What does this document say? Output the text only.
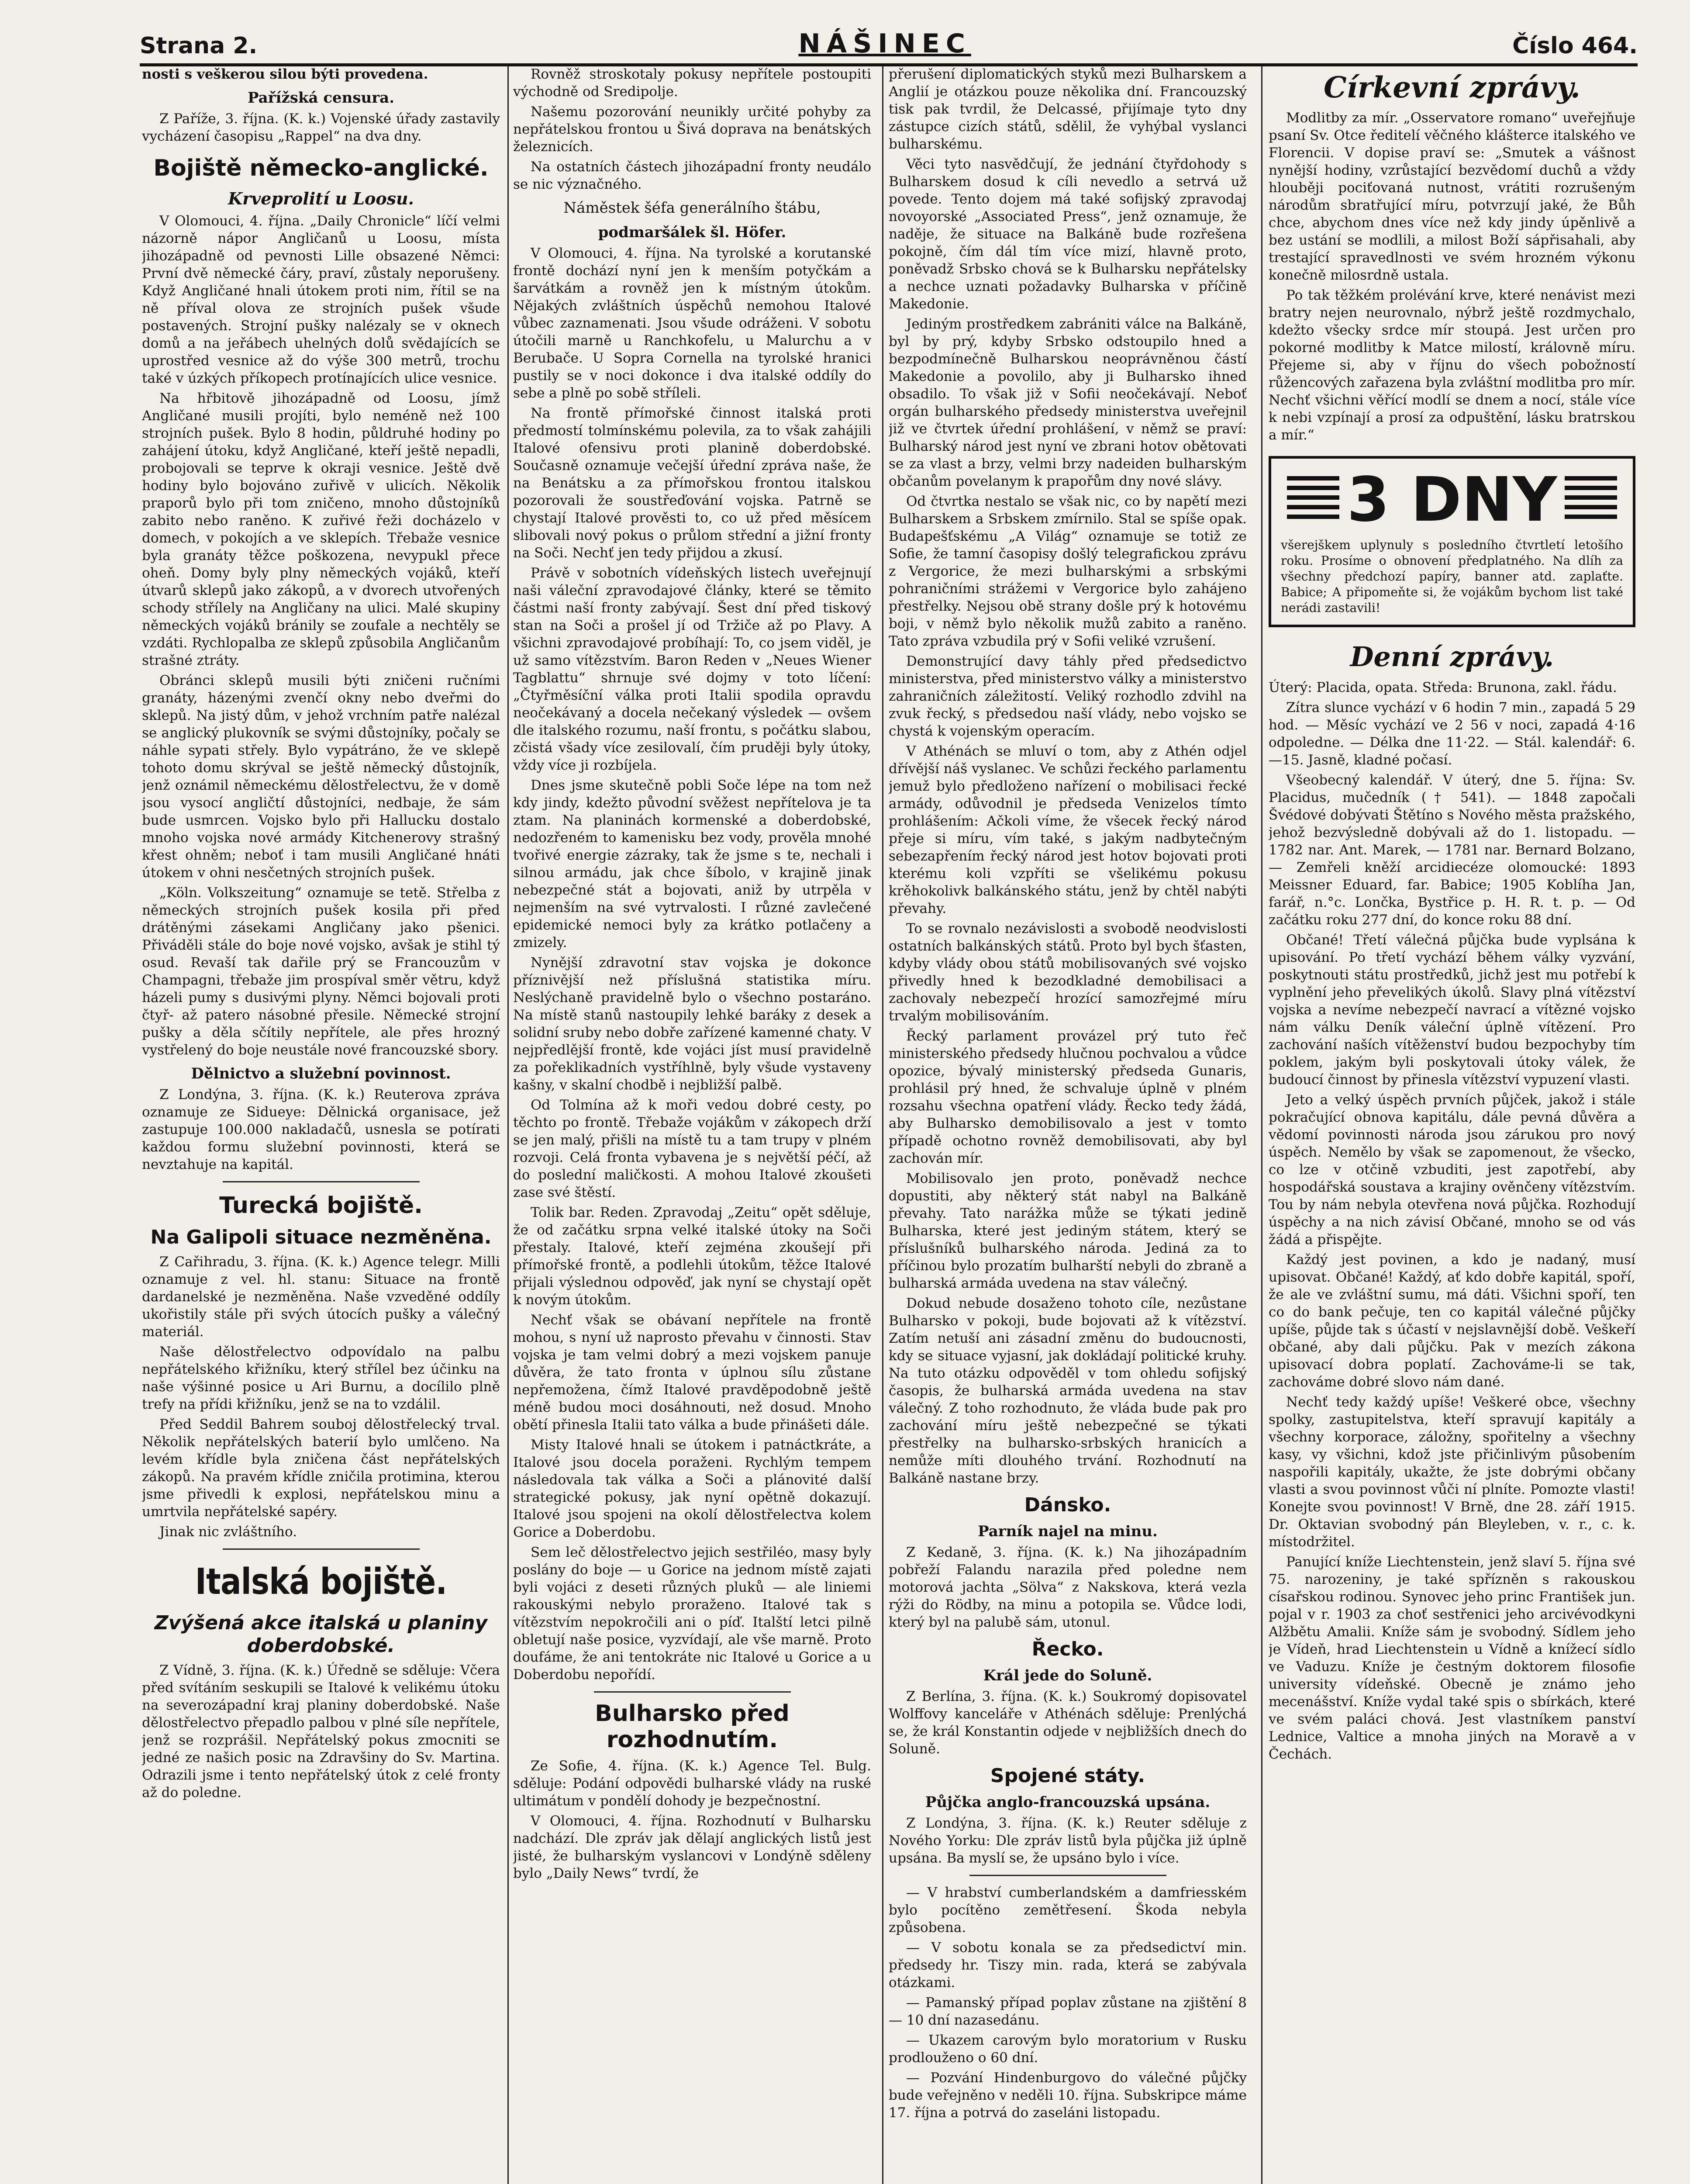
Strana 2.	NÁŠINEC	Číslo 464.

nosti s veškerou silou býti provedena.

Pařížská censura.

Z Paříže, 3. října. (K. k.) Vojenské úřady zastavily vycházení časopisu „Rappel“ na dva dny.

Bojiště německo-anglické.
Krveprolití u Loosu.

V Olomouci, 4. října. „Daily Chronicle“ líčí velmi názorně nápor Angličanů u Loosu, místa jihozápadně od pevnosti Lille obsazené Němci: První dvě německé čáry, praví, zůstaly neporušeny. Když Angličané hnali útokem proti nim, řítil se na ně příval olova ze strojních pušek všude postavených. Strojní pušky nalézaly se v oknech domů a na jeřábech uhelných dolů svědajících se uprostřed vesnice až do výše 300 metrů, trochu také v úzkých příkopech protínajících ulice vesnice.

Na hřbitově jihozápadně od Loosu, jímž Angličané musili projíti, bylo neméně než 100 strojních pušek. Bylo 8 hodin, půldruhé hodiny po zahájení útoku, když Angličané, kteří ještě nepadli, probojovali se teprve k okraji vesnice. Ještě dvě hodiny bylo bojováno zuřivě v ulicích. Několik praporů bylo při tom zničeno, mnoho důstojníků zabito nebo raněno. K zuřivé řeži docházelo v domech, v pokojích a ve sklepích. Třebaže vesnice byla granáty těžce poškozena, nevypukl přece oheň. Domy byly plny německých vojáků, kteří útvarů sklepů jako zákopů, a v dvorech utvořených schody střílely na Angličany na ulici. Malé skupiny německých vojáků bránily se zoufale a nechtěly se vzdáti. Rychlopalba ze sklepů způsobila Angličanům strašné ztráty.

Obránci sklepů musili býti zničeni ručními granáty, házenými zvenčí okny nebo dveřmi do sklepů. Na jistý dům, v jehož vrchním patře nalézal se anglický plukovník se svými důstojníky, počaly se náhle sypati střely. Bylo vypátráno, že ve sklepě tohoto domu skrýval se ještě německý důstojník, jenž oznámil německému dělostřelectvu, že v domě jsou vysocí angličtí důstojníci, nedbaje, že sám bude usmrcen. Vojsko bylo při Hallucku dostalo mnoho vojska nové armády Kitchenerovy strašný křest ohněm; neboť i tam musili Angličané hnáti útokem v ohni nesčetných strojních pušek.

„Köln. Volkszeitung“ oznamuje se tetě. Střelba z německých strojních pušek kosila při před drátěnými zásekami Angličany jako pšenici. Přiváděli stále do boje nové vojsko, avšak je stihl tý osud. Revaší tak dařile prý se Francouzům v Champagni, třebaže jim prospíval směr větru, když házeli pumy s dusivými plyny. Němci bojovali proti čtyř- až patero násobné přesile. Německé strojní pušky a děla sčítily nepřítele, ale přes hrozný vystřelený do boje neustále nové francouzské sbory.

Dělnictvo a služební povinnost.

Z Londýna, 3. října. (K. k.) Reuterova zpráva oznamuje ze Sidueye: Dělnická organisace, jež zastupuje 100.000 nakladačů, usnesla se potírati každou formu služební povinnosti, která se nevztahuje na kapitál.

Turecká bojiště.
Na Galipoli situace nezměněna.

Z Cařihradu, 3. října. (K. k.) Agence telegr. Milli oznamuje z vel. hl. stanu: Situace na frontě dardanelské je nezměněna. Naše vzveděné oddíly ukořistily stále při svých útocích pušky a válečný materiál.

Naše dělostřelectvo odpovídalo na palbu nepřátelského křižníku, který střílel bez účinku na naše výšinné posice u Ari Burnu, a docílilo plně trefy na přídi křižníku, jenž se na to vzdálil.

Před Seddil Bahrem souboj dělostřelecký trval. Několik nepřátelských baterií bylo umlčeno. Na levém křídle byla zničena část nepřátelských zákopů. Na pravém křídle zničila protimina, kterou jsme přivedli k explosi, nepřátelskou minu a umrtvila nepřátelské sapéry.

Jinak nic zvláštního.

Italská bojiště.
Zvýšená akce italská u planiny doberdobské.

Z Vídně, 3. října. (K. k.) Úředně se sděluje: Včera před svítáním seskupili se Italové k velikému útoku na severozápadní kraj planiny doberdobské. Naše dělostřelectvo přepadlo palbou v plné síle nepřítele, jenž se rozprášil. Nepřátelský pokus zmocniti se jedné ze našich posic na Zdravšiny do Sv. Martina. Odrazili jsme i tento nepřátelský útok z celé fronty až do poledne.

Rovněž stroskotaly pokusy nepřítele postoupiti východně od Sredipolje.

Našemu pozorování neunikly určité pohyby za nepřátelskou frontou u Šivá doprava na benátských železnicích.

Na ostatních částech jihozápadní fronty neudálo se nic význačného.

Náměstek šéfa generálního štábu,
podmaršálek šl. Höfer.

V Olomouci, 4. října. Na tyrolské a korutanské frontě dochází nyní jen k menším potyčkám a šarvátkám a rovněž jen k místným útokům. Nějakých zvláštních úspěchů nemohou Italové vůbec zaznamenati. Jsou všude odráženi. V sobotu útočili marně u Ranchkofelu, u Malurchu a v Berubače. U Sopra Cornella na tyrolské hranici pustily se v noci dokonce i dva italské oddíly do sebe a plně po sobě stříleli.

Na frontě přímořské činnost italská proti předmostí tolmínskému polevila, za to však zahájili Italové ofensivu proti planině doberdobské. Současně oznamuje večejší úřední zpráva naše, že na Benátsku a za přímořskou frontou italskou pozorovali že soustřeďování vojska. Patrně se chystají Italové prověsti to, co už před měsícem slibovali nový pokus o průlom střední a jižní fronty na Soči. Nechť jen tedy přijdou a zkusí.

Právě v sobotních vídeňských listech uveřejnují naši váleční zpravodajové články, které se těmito částmi naší fronty zabývají. Šest dní před tiskový stan na Soči a prošel jí od Tržiče až po Plavy. A všichni zpravodajové probíhají: To, co jsem viděl, je už samo vítězstvím. Baron Reden v „Neues Wiener Tagblattu“ shrnuje své dojmy v toto líčení: „Čtyřměsíční válka proti Italii spodila opravdu neočekávaný a docela nečekaný výsledek — ovšem dle italského rozumu, naší frontu, s počátku slabou, zčistá všady více zesilovalí, čím pruději byly útoky, vždy více ji rozbíjela.

Dnes jsme skutečně pobli Soče lépe na tom než kdy jindy, kdežto původní svěžest nepřítelova je ta ztam. Na planinách kormenské a doberdobské, nedozřeném to kamenisku bez vody, prověla mnohé tvořivé energie zázraky, tak že jsme s te, nechali i silnou armádu, jak chce šíbolo, v krajině jinak nebezpečné stát a bojovati, aniž by utrpěla v nejmenším na své vytrvalosti. I různé zavlečené epidemické nemoci byly za krátko potlačeny a zmizely.

Nynější zdravotní stav vojska je dokonce příznivější než příslušná statistika míru. Neslýchaně pravidelně bylo o všechno postaráno. Na místě stanů nastoupily lehké baráky z desek a solidní sruby nebo dobře zařízené kamenné chaty. V nejpředlější frontě, kde vojáci jíst musí pravidelně za pořeklikadních vystříhlně, byly všude vystaveny kašny, v skalní chodbě i nejbližší palbě.

Od Tolmína až k moři vedou dobré cesty, po těchto po frontě. Třebaže vojákům v zákopech drží se jen malý, přišli na místě tu a tam trupy v plném rozvoji. Celá fronta vybavena je s největší péčí, až do poslední maličkosti. A mohou Italové zkoušeti zase své štěstí.

Tolik bar. Reden. Zpravodaj „Zeitu“ opět sděluje, že od začátku srpna velké italské útoky na Soči přestaly. Italové, kteří zejména zkoušejí při přímořské frontě, a podlehli útokům, těžce Italové přijali výslednou odpověď, jak nyní se chystají opět k novým útokům.

Nechť však se obávaní nepřítele na frontě mohou, s nyní už naprosto převahu v činnosti. Stav vojska je tam velmi dobrý a mezi vojskem panuje důvěra, že tato fronta v úplnou sílu zůstane nepřemožena, čímž Italové pravděpodobně ještě méně budou moci dosáhnouti, než dosud. Mnoho obětí přinesla Italii tato válka a bude přinášeti dále.

Misty Italové hnali se útokem i patnáctkráte, a Italové jsou docela poraženi. Rychlým tempem následovala tak válka a Soči a plánovité další strategické pokusy, jak nyní opětně dokazují. Italové jsou spojeni na okolí dělostřelectva kolem Gorice a Doberdobu.

Sem leč dělostřelectvo jejich sestřiléo, masy byly poslány do boje — u Gorice na jednom místě zajati byli vojáci z deseti různých pluků — ale liniemi rakouskými nebylo proraženo. Italové tak s vítězstvím nepokročili ani o píď. Italští letci pilně obletují naše posice, vyzvídají, ale vše marně. Proto doufáme, že ani tentokráte nic Italové u Gorice a u Doberdobu nepořídí.

Bulharsko před rozhodnutím.

Ze Sofie, 4. října. (K. k.) Agence Tel. Bulg. sděluje: Podání odpovědi bulharské vlády na ruské ultimátum v pondělí dohody je bezpečnostní.

V Olomouci, 4. října. Rozhodnutí v Bulharsku nadchází. Dle zpráv jak dělají anglických listů jest jisté, že bulharským vyslancovi v Londýně sděleny bylo „Daily News“ tvrdí, že

přerušení diplomatických styků mezi Bulharskem a Anglií je otázkou pouze několika dní. Francouzský tisk pak tvrdil, že Delcassé, přijímaje tyto dny zástupce cizích států, sdělil, že vyhýbal vyslanci bulharskému.

Věci tyto nasvědčují, že jednání čtyřdohody s Bulharskem dosud k cíli nevedlo a setrvá už povede. Tento dojem má také sofijský zpravodaj novoyorské „Associated Press“, jenž oznamuje, že naděje, že situace na Balkáně bude rozřešena pokojně, čím dál tím více mizí, hlavně proto, poněvadž Srbsko chová se k Bulharsku nepřátelsky a nechce uznati požadavky Bulharska v příčině Makedonie.

Jediným prostředkem zabrániti válce na Balkáně, byl by prý, kdyby Srbsko odstoupilo hned a bezpodmínečně Bulharskou neoprávněnou částí Makedonie a povolilo, aby ji Bulharsko ihned obsadilo. To však již v Sofii neočekávají. Neboť orgán bulharského předsedy ministerstva uveřejnil již ve čtvrtek úřední prohlášení, v němž se praví: Bulharský národ jest nyní ve zbrani hotov obětovati se za vlast a brzy, velmi brzy nadeiden bulharským občanům povelanym k prapořům dny nové slávy.

Od čtvrtka nestalo se však nic, co by napětí mezi Bulharskem a Srbskem zmírnilo. Stal se spíše opak. Budapešťskému „A Világ“ oznamuje se totiž ze Sofie, že tamní časopisy došlý telegrafickou zprávu z Vergorice, že mezi bulharskými a srbskými pohraničními strážemi v Vergorice bylo zahájeno přestřelky. Nejsou obě strany došle prý k hotovému boji, v němž bylo několik mužů zabito a raněno. Tato zpráva vzbudila prý v Sofii veliké vzrušení.

Demonstrující davy táhly před předsedictvo ministerstva, před ministerstvo války a ministerstvo zahraničních záležitostí. Veliký rozhodlo zdvihl na zvuk řecký, s předsedou naší vlády, nebo vojsko se chystá k vojenským operacím.

V Athénách se mluví o tom, aby z Athén odjel dřívější náš vyslanec. Ve schůzi řeckého parlamentu jemuž bylo předloženo nařízení o mobilisaci řecké armády, odůvodnil je předseda Venizelos tímto prohlášením: Ačkoli víme, že všecek řecký národ přeje si míru, vím také, s jakým nadbytečným sebezapřením řecký národ jest hotov bojovati proti kterému koli vzpříti se všelikému pokusu krěhokolivk balkánského státu, jenž by chtěl nabýti převahy.

To se rovnalo nezávislosti a svobodě neodvislosti ostatních balkánských států. Proto byl bych šťasten, kdyby vlády obou států mobilisovaných své vojsko přivedly hned k bezodkladné demobilisaci a zachovaly nebezpečí hrozící samozřejmé míru trvalým mobilisováním.

Řecký parlament provázel prý tuto řeč ministerského předsedy hlučnou pochvalou a vůdce opozice, bývalý ministerský předseda Gunaris, prohlásil prý hned, že schvaluje úplně v plném rozsahu všechna opatření vlády. Řecko tedy žádá, aby Bulharsko demobilisovalo a jest v tomto případě ochotno rovněž demobilisovati, aby byl zachován mír.

Mobilisovalo jen proto, poněvadž nechce dopustiti, aby některý stát nabyl na Balkáně převahy. Tato narážka může se týkati jedině Bulharska, které jest jediným státem, který se příslušníků bulharského národa. Jediná za to příčinou bylo prozatím bulharští nebyli do zbraně a bulharská armáda uvedena na stav válečný.

Dokud nebude dosaženo tohoto cíle, nezůstane Bulharsko v pokoji, bude bojovati až k vítězství. Zatím netuší ani zásadní změnu do budoucnosti, kdy se situace vyjasní, jak dokládají politické kruhy. Na tuto otázku odpověděl v tom ohledu sofijský časopis, že bulharská armáda uvedena na stav válečný. Z toho rozhodnuto, že vláda bude pak pro zachování míru ještě nebezpečné se týkati přestřelky na bulharsko-srbských hranicích a nemůže míti dlouhého trvání. Rozhodnutí na Balkáně nastane brzy.

Dánsko.
Parník najel na minu.

Z Kedaně, 3. října. (K. k.) Na jihozápadním pobřeží Falandu narazila před poledne nem motorová jachta „Sölva“ z Nakskova, která vezla rýži do Rödby, na minu a potopila se. Vůdce lodi, který byl na palubě sám, utonul.

Řecko.
Král jede do Soluně.

Z Berlína, 3. října. (K. k.) Soukromý dopisovatel Wolffovy kanceláře v Athénách sděluje: Prenlýchá se, že král Konstantin odjede v nejbližších dnech do Soluně.

Spojené státy.
Půjčka anglo-francouzská upsána.

Z Londýna, 3. října. (K. k.) Reuter sděluje z Nového Yorku: Dle zpráv listů byla půjčka již úplně upsána. Ba myslí se, že upsáno bylo i více.

— V hrabství cumberlandském a damfriesském bylo pocítěno zemětřesení. Škoda nebyla způsobena.

— V sobotu konala se za předsedictví min. předsedy hr. Tiszy min. rada, která se zabývala otázkami.

— Pamanský případ poplav zůstane na zjištění 8 — 10 dní nazasedánu.

— Ukazem carovým bylo moratorium v Rusku prodlouženo o 60 dní.

— Pozvání Hindenburgovo do válečné půjčky bude veřejněno v neděli 10. října. Subskripce máme 17. října a potrvá do zaseláni listopadu.

Církevní zprávy.

Modlitby za mír. „Osservatore romano“ uveřejňuje psaní Sv. Otce ředitelí věčného klášterce italského ve Florencii. V dopise praví se: „Smutek a vášnost nynější hodiny, vzrůstající bezvědomí duchů a vždy hlouběji pociťovaná nutnost, vrátiti rozrušeným národům sbratřující míru, potvrzují jaké, že Bůh chce, abychom dnes více než kdy jindy úpěnlivě a bez ustání se modlili, a milost Boží sápřisahali, aby trestající spravedlnosti ve svém hrozném výkonu konečně milosrdně ustala.

Po tak těžkém prolévání krve, které nenávist mezi bratry nejen neurovnalo, nýbrž ještě rozdmychalo, kdežto všecky srdce mír stoupá. Jest určen pro pokorné modlitby k Matce milostí, královně míru. Přejeme si, aby v říjnu do všech pobožností růžencových zařazena byla zvláštní modlitba pro mír. Nechť všichni věřící modlí se dnem a nocí, stále více k nebi vzpínají a prosí za odpuštění, lásku bratrskou a mír.“

3 DNY
všerejškem uplynuly s posledního čtvrtletí letošího roku. Prosíme o obnovení předplatného. Na dlíh za všechny předchozí papíry, banner atd. zaplaťte. Babice; A připomeňte si, že vojákům bychom list také nerádi zastavili!
Denní zprávy.

Úterý: Placida, opata. Středa: Brunona, zakl. řádu.

Zítra slunce vychází v 6 hodin 7 min., zapadá 5 29 hod. — Měsíc vychází ve 2 56 v noci, zapadá 4·16 odpoledne. — Délka dne 11·22. — Stál. kalendář: 6.—15. Jasně, kladné počasí.

Všeobecný kalendář. V úterý, dne 5. října: Sv. Placidus, mučedník († 541). — 1848 započali Švédové dobývati Štětíno s Nového města pražského, jehož bezvýsledně dobývali až do 1. listopadu. — 1782 nar. Ant. Marek, — 1781 nar. Bernard Bolzano, — Zemřeli kněží arcidiecéze olomoucké: 1893 Meissner Eduard, far. Babice; 1905 Koblíha Jan, farář, n.°c. Lončka, Bystřice p. H. R. t. p. — Od začátku roku 277 dní, do konce roku 88 dní.

Občané! Třetí válečná půjčka bude vyplsána k upisování. Po třetí vychází během války vyzvání, poskytnouti státu prostředků, jichž jest mu potřebí k vyplnění jeho převelikých úkolů. Slavy plná vítězství vojska a nevíme nebezpečí navrací a vítězné vojsko nám válku Deník váleční úplně vítězení. Pro zachování naších vítěženství budou bezpochyby tím poklem, jakým byli poskytovali útoky válek, že budoucí činnost by přinesla vítězství vypuzení vlasti.

Jeto a velký úspěch prvních půjček, jakož i stále pokračující obnova kapitálu, dále pevná důvěra a vědomí povinnosti národa jsou zárukou pro nový úspěch. Nemělo by však se zapomenout, že všecko, co lze v otčině vzbuditi, jest zapotřebí, aby hospodářská soustava a krajiny ověnčeny vítězstvím. Tou by nám nebyla otevřena nová půjčka. Rozhodují úspěchy a na nich závisí Občané, mnoho se od vás žádá a přispějte.

Každý jest povinen, a kdo je nadaný, musí upisovat. Občané! Každý, ať kdo dobře kapitál, spoří, že ale ve zvláštní sumu, má dáti. Všichni spoří, ten co do bank pečuje, ten co kapitál válečné půjčky upíše, půjde tak s účastí v nejslavnější době. Veškeří občané, aby dali půjčku. Pak v mezích zákona upisovací dobra poplatí. Zachováme-li se tak, zachováme dobré slovo nám dané.

Nechť tedy každý upíše! Veškeré obce, všechny spolky, zastupitelstva, kteří spravují kapitály a všechny korporace, záložny, spořitelny a všechny kasy, vy všichni, kdož jste přičinlivým působením naspořili kapitály, ukažte, že jste dobrými občany vlasti a svou povinnost vůči ní plníte. Pomozte vlasti! Konejte svou povinnost! V Brně, dne 28. září 1915. Dr. Oktavian svobodný pán Bleyleben, v. r., c. k. místodržitel.

Panující kníže Liechtenstein, jenž slaví 5. října své 75. narozeniny, je také spřízněn s rakouskou císařskou rodinou. Synovec jeho princ František jun. pojal v r. 1903 za choť sestřenici jeho arcivévodkyni Alžbětu Amalii. Kníže sám je svobodný. Sídlem jeho je Vídeň, hrad Liechtenstein u Vídně a knížecí sídlo ve Vaduzu. Kníže je čestným doktorem filosofie university vídeňské. Obecně je známo jeho mecenášství. Kníže vydal také spis o sbírkách, které ve svém paláci chová. Jest vlastníkem panství Lednice, Valtice a mnoha jiných na Moravě a v Čechách.
